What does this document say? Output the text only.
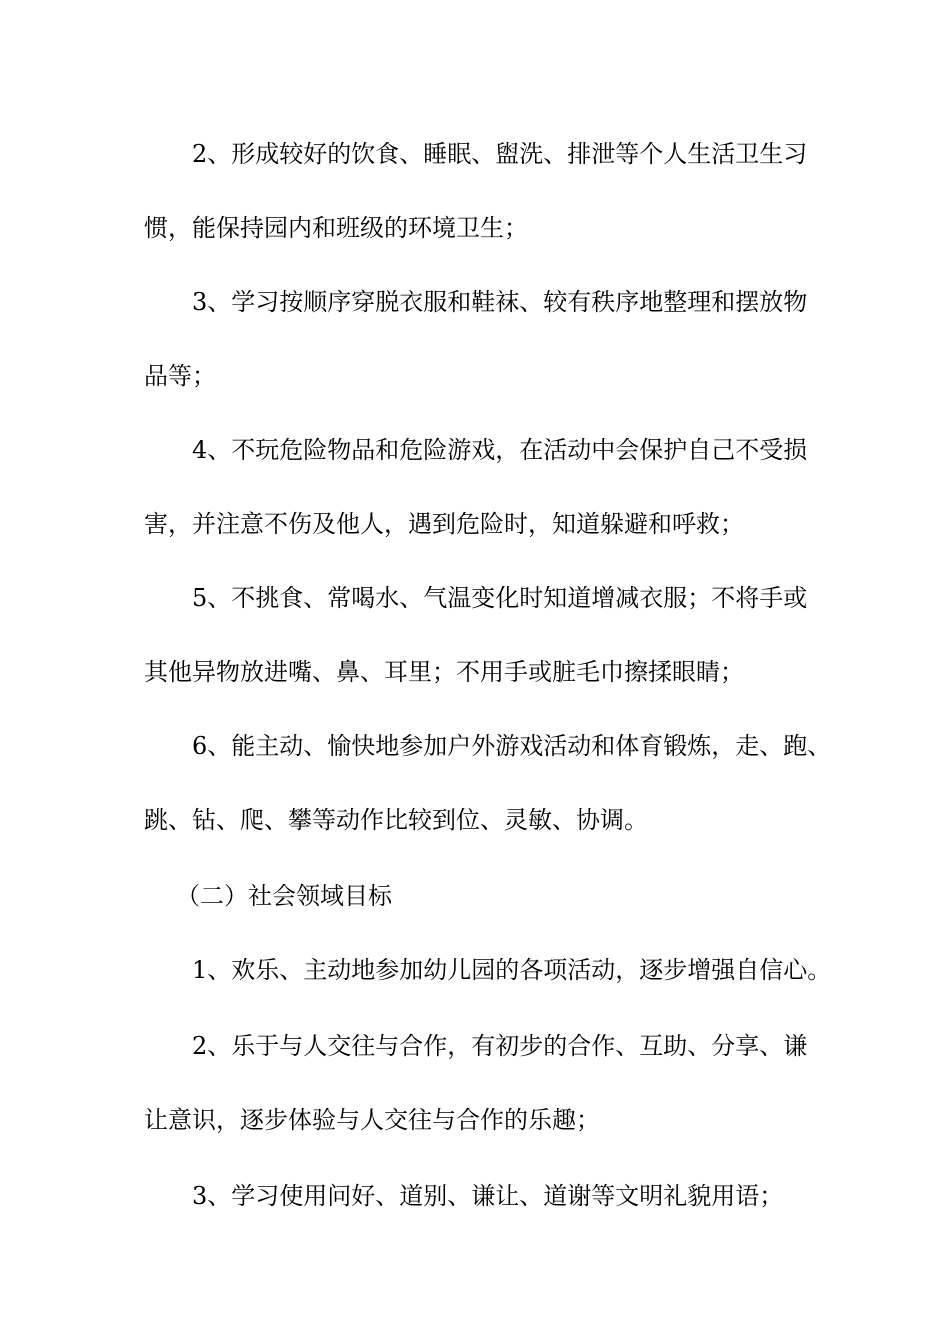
2、形成较好的饮食、睡眠、盥洗、排泄等个人生活卫生习
惯，能保持园内和班级的环境卫生；
3、学习按顺序穿脱衣服和鞋袜、较有秩序地整理和摆放物
品等；
4、不玩危险物品和危险游戏，在活动中会保护自己不受损
害，并注意不伤及他人，遇到危险时，知道躲避和呼救；
5、不挑食、常喝水、气温变化时知道增减衣服；不将手或
其他异物放进嘴、鼻、耳里；不用手或脏毛巾擦揉眼睛；
6、能主动、愉快地参加户外游戏活动和体育锻炼，走、跑、
跳、钻、爬、攀等动作比较到位、灵敏、协调。
（二）社会领域目标
1、欢乐、主动地参加幼儿园的各项活动，逐步增强自信心。
2、乐于与人交往与合作，有初步的合作、互助、分享、谦
让意识，逐步体验与人交往与合作的乐趣；
3、学习使用问好、道别、谦让、道谢等文明礼貌用语；
